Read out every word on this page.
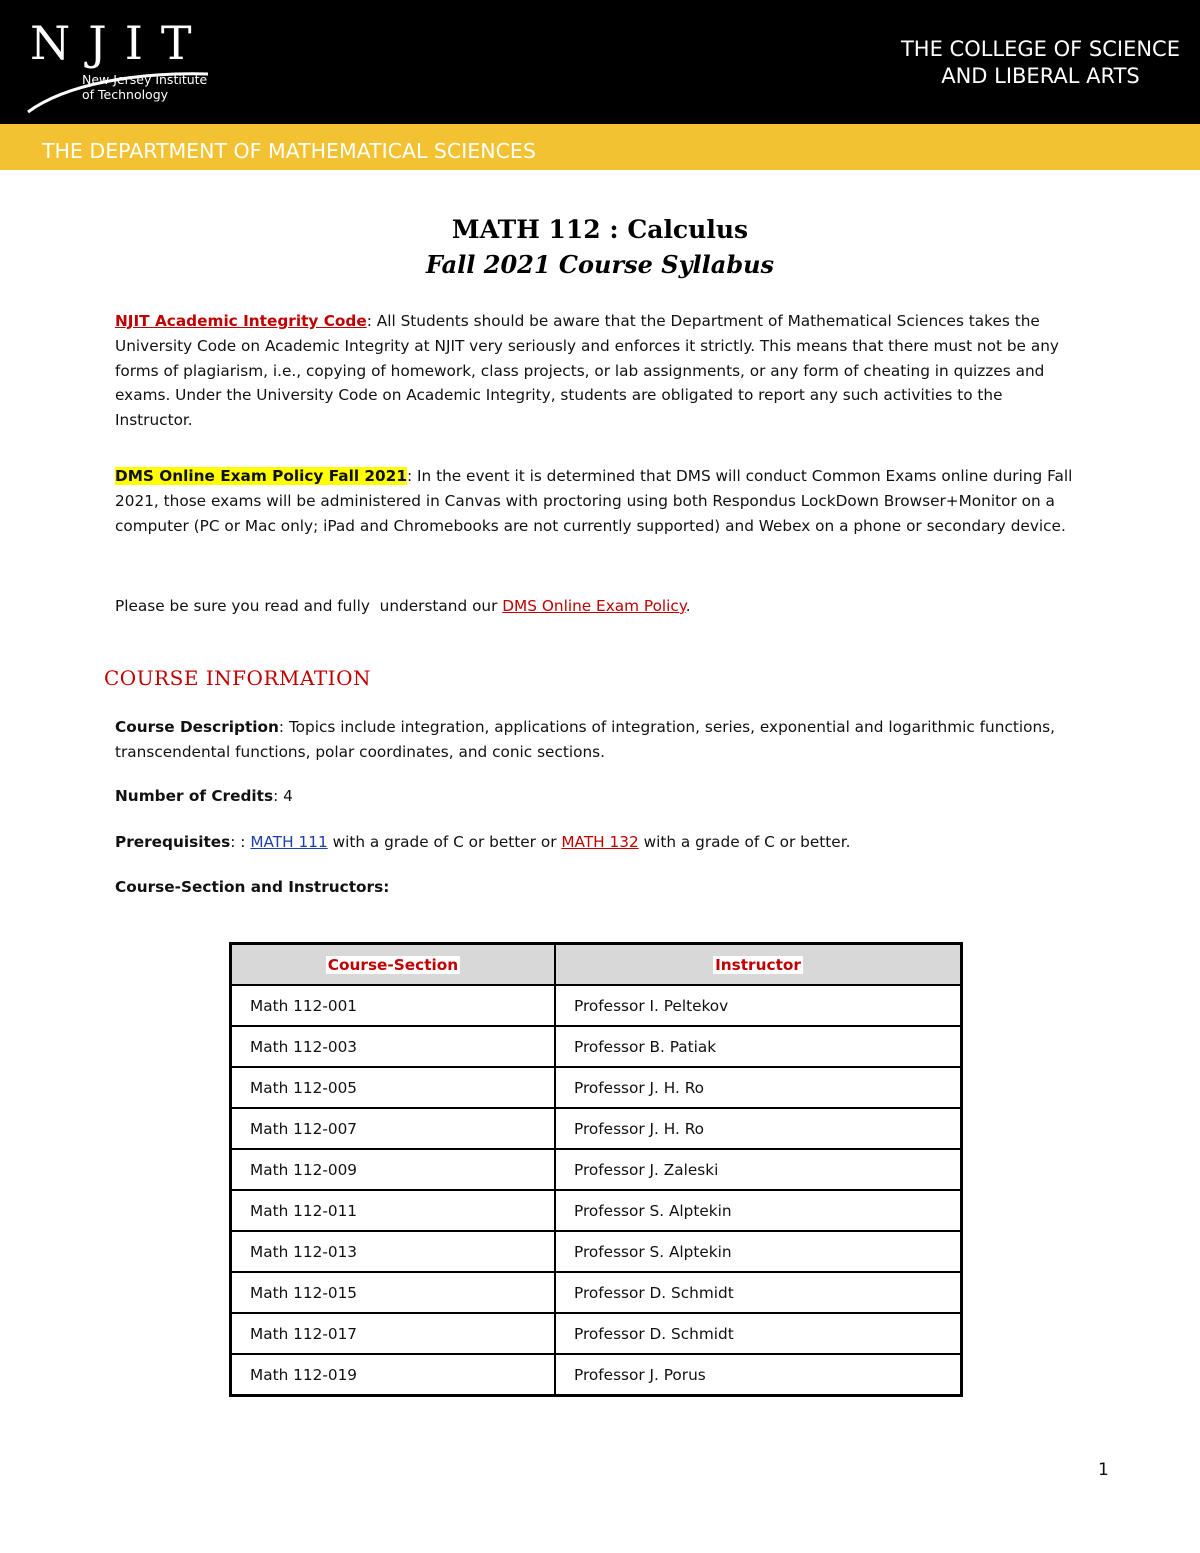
NJIT
New Jersey Institute
of Technology
THE COLLEGE OF SCIENCE
AND LIBERAL ARTS
THE DEPARTMENT OF MATHEMATICAL SCIENCES
MATH 112 : Calculus
Fall 2021 Course Syllabus

NJIT Academic Integrity Code: All Students should be aware that the Department of Mathematical Sciences takes the University Code on Academic Integrity at NJIT very seriously and enforces it strictly. This means that there must not be any forms of plagiarism, i.e., copying of homework, class projects, or lab assignments, or any form of cheating in quizzes and exams. Under the University Code on Academic Integrity, students are obligated to report any such activities to the Instructor.

DMS Online Exam Policy Fall 2021: In the event it is determined that DMS will conduct Common Exams online during Fall 2021, those exams will be administered in Canvas with proctoring using both Respondus LockDown Browser+Monitor on a computer (PC or Mac only; iPad and Chromebooks are not currently supported) and Webex on a phone or secondary device.

Please be sure you read and fully  understand our DMS Online Exam Policy.

COURSE INFORMATION

Course Description: Topics include integration, applications of integration, series, exponential and logarithmic functions, transcendental functions, polar coordinates, and conic sections.

Number of Credits: 4

Prerequisites: : MATH 111 with a grade of C or better or MATH 132 with a grade of C or better.

Course-Section and Instructors:

Course-Section	Instructor
Math 112-001	Professor I. Peltekov
Math 112-003	Professor B. Patiak
Math 112-005	Professor J. H. Ro
Math 112-007	Professor J. H. Ro
Math 112-009	Professor J. Zaleski
Math 112-011	Professor S. Alptekin
Math 112-013	Professor S. Alptekin
Math 112-015	Professor D. Schmidt
Math 112-017	Professor D. Schmidt
Math 112-019	Professor J. Porus
1
